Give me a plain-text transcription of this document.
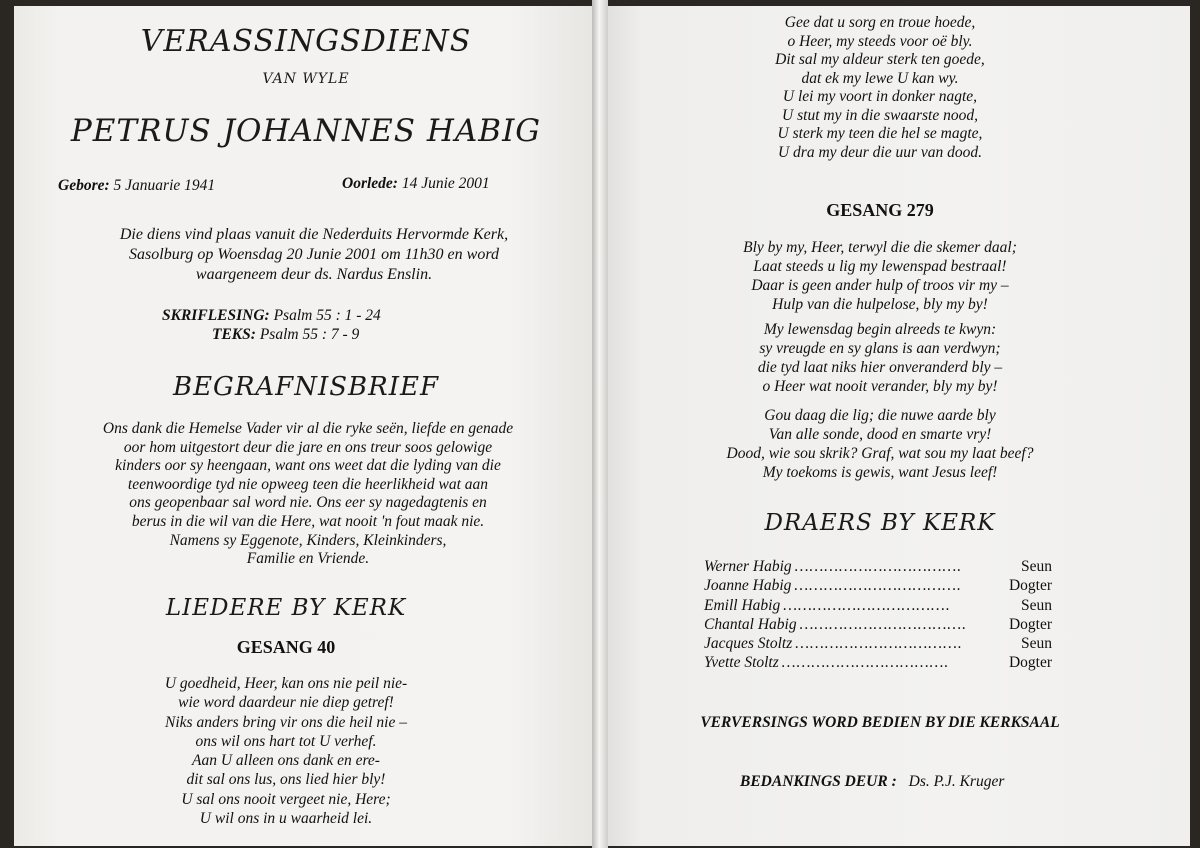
VERASSINGSDIENS
VAN WYLE
PETRUS JOHANNES HABIG
Gebore: 5 Januarie 1941	Oorlede: 14 Junie 2001
Die diens vind plaas vanuit die Nederduits Hervormde Kerk,
Sasolburg op Woensdag 20 Junie 2001 om 11h30 en word
waargeneem deur ds. Nardus Enslin.
SKRIFLESING: Psalm 55 : 1 - 24
TEKS: Psalm 55 : 7 - 9
BEGRAFNISBRIEF
Ons dank die Hemelse Vader vir al die ryke seën, liefde en genade
oor hom uitgestort deur die jare en ons treur soos gelowige
kinders oor sy heengaan, want ons weet dat die lyding van die
teenwoordige tyd nie opweeg teen die heerlikheid wat aan
ons geopenbaar sal word nie. Ons eer sy nagedagtenis en
berus in die wil van die Here, wat nooit 'n fout maak nie.
Namens sy Eggenote, Kinders, Kleinkinders,
Familie en Vriende.
LIEDERE BY KERK
GESANG 40
U goedheid, Heer, kan ons nie peil nie-
wie word daardeur nie diep getref!
Niks anders bring vir ons die heil nie –
ons wil ons hart tot U verhef.
Aan U alleen ons dank en ere-
dit sal ons lus, ons lied hier bly!
U sal ons nooit vergeet nie, Here;
U wil ons in u waarheid lei.
Gee dat u sorg en troue hoede,
o Heer, my steeds voor oë bly.
Dit sal my aldeur sterk ten goede,
dat ek my lewe U kan wy.
U lei my voort in donker nagte,
U stut my in die swaarste nood,
U sterk my teen die hel se magte,
U dra my deur die uur van dood.
GESANG 279
Bly by my, Heer, terwyl die die skemer daal;
Laat steeds u lig my lewenspad bestraal!
Daar is geen ander hulp of troos vir my –
Hulp van die hulpelose, bly my by!
My lewensdag begin alreeds te kwyn:
sy vreugde en sy glans is aan verdwyn;
die tyd laat niks hier onveranderd bly –
o Heer wat nooit verander, bly my by!
Gou daag die lig; die nuwe aarde bly
Van alle sonde, dood en smarte vry!
Dood, wie sou skrik? Graf, wat sou my laat beef?
My toekoms is gewis, want Jesus leef!
DRAERS BY KERK
Werner Habig …………………………….	Seun
Joanne Habig …………………………….	Dogter
Emill Habig …………………………….	Seun
Chantal Habig …………………………….	Dogter
Jacques Stoltz …………………………….	Seun
Yvette Stoltz …………………………….	Dogter
VERVERSINGS WORD BEDIEN BY DIE KERKSAAL
BEDANKINGS DEUR : Ds. P.J. Kruger
